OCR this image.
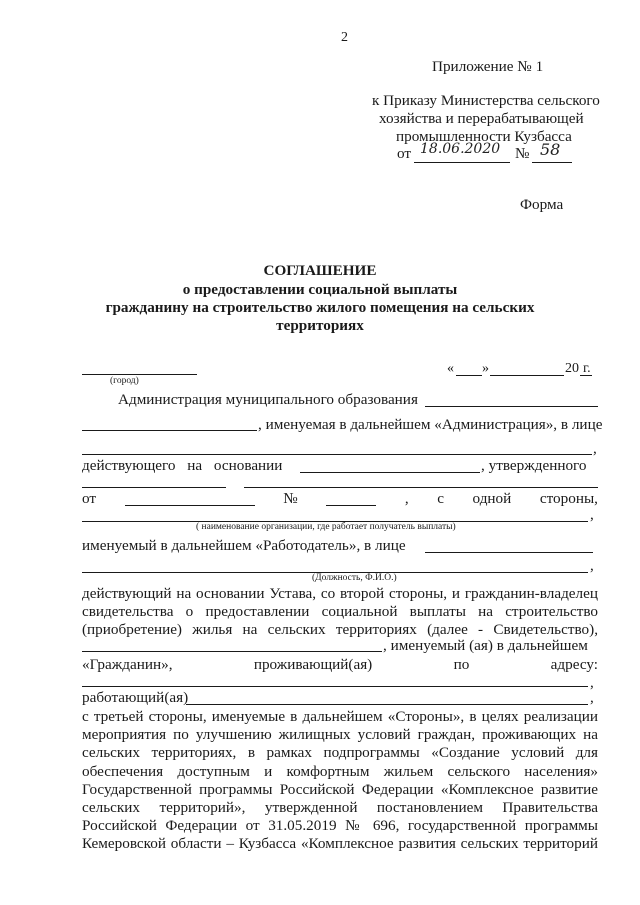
2
Приложение № 1
к Приказу Министерства сельского
хозяйства и перерабатывающей
промышленности Кузбасса
от 18.06.2020 № 58
Форма
СОГЛАШЕНИЕ
о предоставлении социальной выплаты
гражданину на строительство жилого помещения на сельских
территориях
(город)
« »	20 г.
Администрация муниципального образования
, именуемая в дальнейшем «Администрация», в лице
,
действующего на основании	, утвержденного
от	№	, с одной стороны,
,
( наименование организации, где работает получатель выплаты)
именуемый в дальнейшем «Работодатель», в лице
,
(Должность, Ф.И.О.)
действующий на основании Устава, со второй стороны, и гражданин-владелец
свидетельства о предоставлении социальной выплаты на строительство
(приобретение) жилья на сельских территориях (далее - Свидетельство),
, именуемый (ая) в дальнейшем
«Гражданин»,	проживающий(ая)	по	адресу:
,
работающий(ая)	,
с третьей стороны, именуемые в дальнейшем «Стороны», в целях реализации
мероприятия по улучшению жилищных условий граждан, проживающих на
сельских территориях, в рамках подпрограммы «Создание условий для
обеспечения доступным и комфортным жильем сельского населения»
Государственной программы Российской Федерации «Комплексное развитие
сельских территорий», утвержденной постановлением Правительства
Российской Федерации от 31.05.2019 № 696, государственной программы
Кемеровской области – Кузбасса «Комплексное развития сельских территорий
